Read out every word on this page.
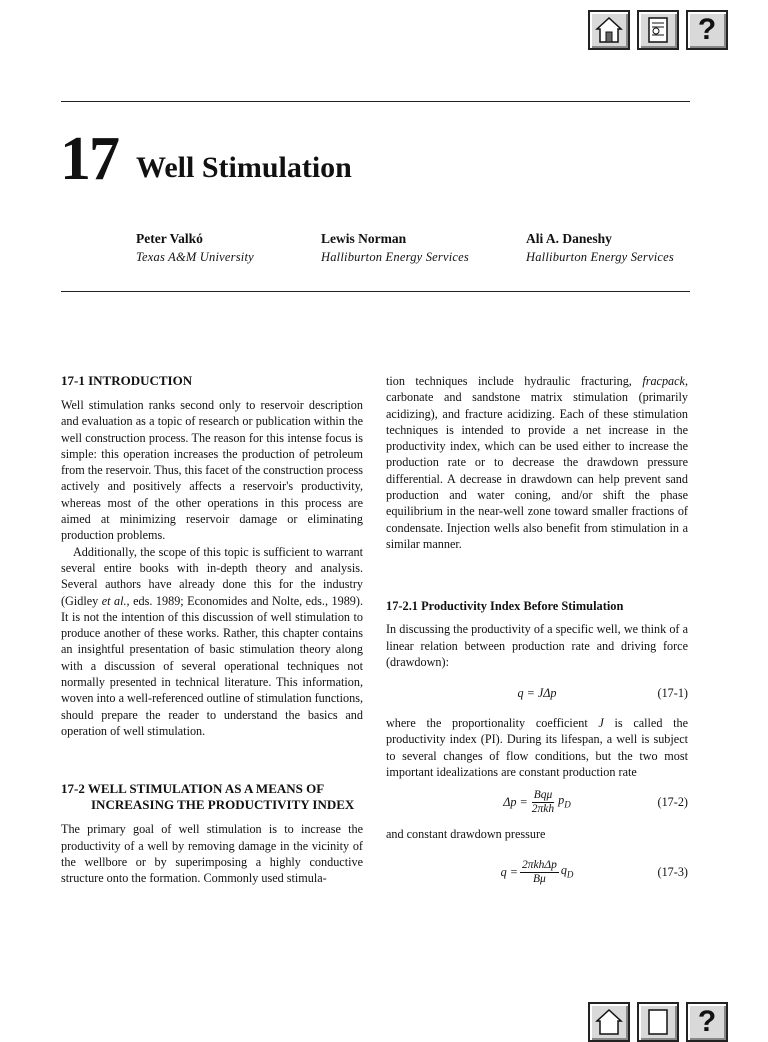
?
17 Well Stimulation
Peter Valkó
Texas A&M University
Lewis Norman
Halliburton Energy Services
Ali A. Daneshy
Halliburton Energy Services
17-1 INTRODUCTION

Well stimulation ranks second only to reservoir description and evaluation as a topic of research or publication within the well construction process. The reason for this intense focus is simple: this operation increases the production of petroleum from the reservoir. Thus, this facet of the construction process actively and positively affects a reservoir's productivity, whereas most of the other operations in this process are aimed at minimizing reservoir damage or eliminating production problems.

Additionally, the scope of this topic is sufficient to warrant several entire books with in-depth theory and analysis. Several authors have already done this for the industry (Gidley et al., eds. 1989; Economides and Nolte, eds., 1989). It is not the intention of this discussion of well stimulation to produce another of these works. Rather, this chapter contains an insightful presentation of basic stimulation theory along with a discussion of several operational techniques not normally presented in technical literature. This information, woven into a well-referenced outline of stimulation functions, should prepare the reader to understand the basics and operation of well stimulation.

17-2 WELL STIMULATION AS A MEANS OF INCREASING THE PRODUCTIVITY INDEX

The primary goal of well stimulation is to increase the productivity of a well by removing damage in the vicinity of the wellbore or by superimposing a highly conductive structure onto the formation. Commonly used stimula-

tion techniques include hydraulic fracturing, fracpack, carbonate and sandstone matrix stimulation (primarily acidizing), and fracture acidizing. Each of these stimulation techniques is intended to provide a net increase in the productivity index, which can be used either to increase the production rate or to decrease the drawdown pressure differential. A decrease in drawdown can help prevent sand production and water coning, and/or shift the phase equilibrium in the near-well zone toward smaller fractions of condensate. Injection wells also benefit from stimulation in a similar manner.

17-2.1 Productivity Index Before Stimulation

In discussing the productivity of a specific well, we think of a linear relation between production rate and driving force (drawdown):

q = JΔp	(17-1)

where the proportionality coefficient J is called the productivity index (PI). During its lifespan, a well is subject to several changes of flow conditions, but the two most important idealizations are constant production rate

$\Delta p = \frac{\text{Bqμ}}{\text{2πkh}} p_D$	(17-2)

and constant drawdown pressure

$q = \frac{\text{2πkhΔp}}{B\mu} q_D$	(17-3)
?
